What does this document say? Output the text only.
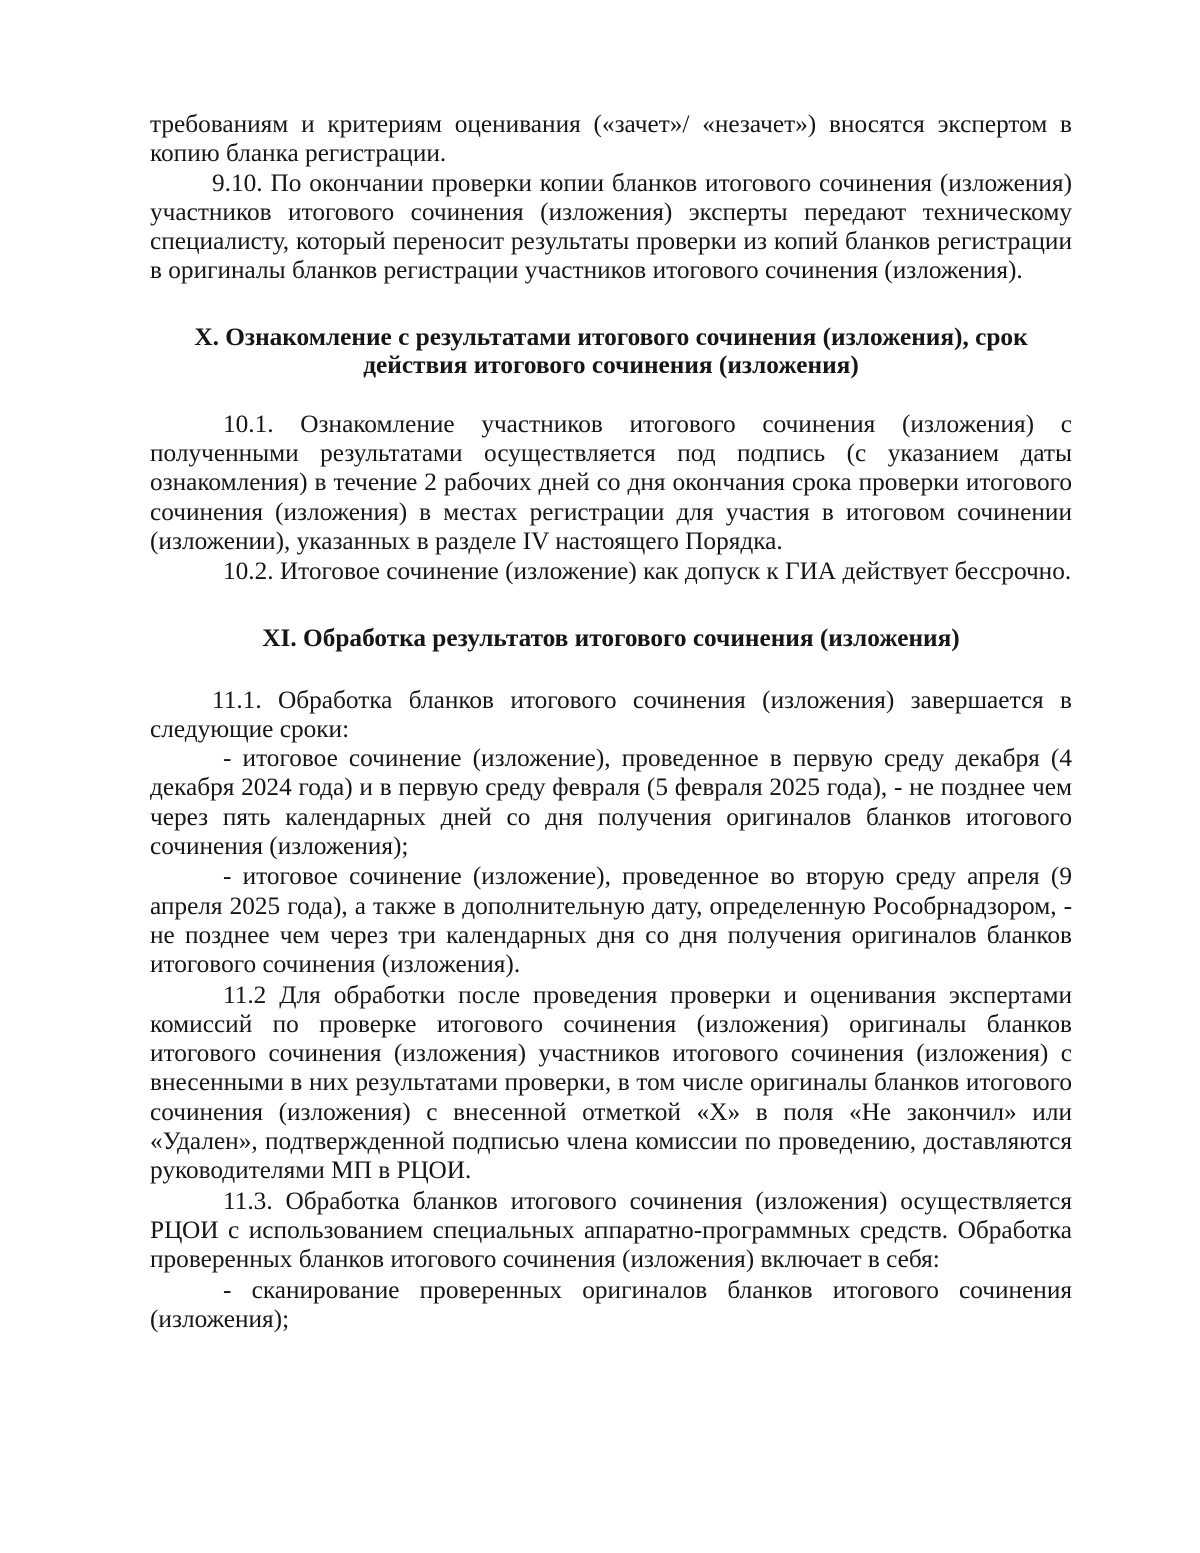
требованиям и критериям оценивания («зачет»/ «незачет») вносятся экспертом в копию бланка регистрации.

9.10. По окончании проверки копии бланков итогового сочинения (изложения) участников итогового сочинения (изложения) эксперты передают техническому специалисту, который переносит результаты проверки из копий бланков регистрации в оригиналы бланков регистрации участников итогового сочинения (изложения).

X. Ознакомление с результатами итогового сочинения (изложения), срок
действия итогового сочинения (изложения)

10.1. Ознакомление участников итогового сочинения (изложения) с полученными результатами осуществляется под подпись (с указанием даты ознакомления) в течение 2 рабочих дней со дня окончания срока проверки итогового сочинения (изложения) в местах регистрации для участия в итоговом сочинении (изложении), указанных в разделе IV настоящего Порядка.

10.2. Итоговое сочинение (изложение) как допуск к ГИА действует бессрочно.

XI. Обработка результатов итогового сочинения (изложения)

11.1. Обработка бланков итогового сочинения (изложения) завершается в следующие сроки:

- итоговое сочинение (изложение), проведенное в первую среду декабря (4 декабря 2024 года) и в первую среду февраля (5 февраля 2025 года), - не позднее чем через пять календарных дней со дня получения оригиналов бланков итогового сочинения (изложения);

- итоговое сочинение (изложение), проведенное во вторую среду апреля (9 апреля 2025 года), а также в дополнительную дату, определенную Рособрнадзором, - не позднее чем через три календарных дня со дня получения оригиналов бланков итогового сочинения (изложения).

11.2 Для обработки после проведения проверки и оценивания экспертами комиссий по проверке итогового сочинения (изложения) оригиналы бланков итогового сочинения (изложения) участников итогового сочинения (изложения) с внесенными в них результатами проверки, в том числе оригиналы бланков итогового сочинения (изложения) с внесенной отметкой «X» в поля «Не закончил» или «Удален», подтвержденной подписью члена комиссии по проведению, доставляются руководителями МП в РЦОИ.

11.3. Обработка бланков итогового сочинения (изложения) осуществляется РЦОИ с использованием специальных аппаратно-программных средств. Обработка проверенных бланков итогового сочинения (изложения) включает в себя:

- сканирование проверенных оригиналов бланков итогового сочинения (изложения);
